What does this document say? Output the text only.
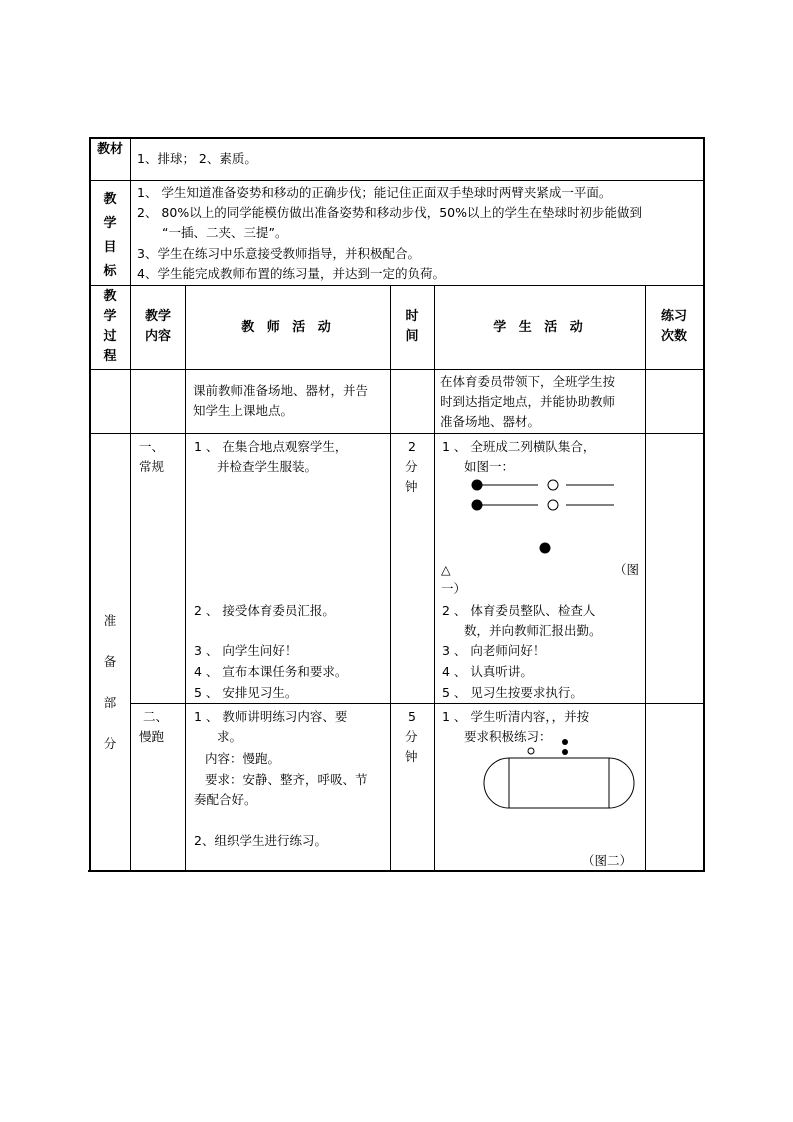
教材
1、排球； 2、素质。
教学目标
1、 学生知道准备姿势和移动的正确步伐；能记住正面双手垫球时两臂夹紧成一平面。
2、 80%以上的同学能模仿做出准备姿势和移动步伐，50%以上的学生在垫球时初步能做到
“一插、二夹、三提”。
3、学生在练习中乐意接受教师指导，并积极配合。
4、学生能完成教师布置的练习量，并达到一定的负荷。
教学过程
教学内容
教 师 活 动
时间
学 生 活 动
练习次数
课前教师准备场地、器材，并告
知学生上课地点。
在体育委员带领下，全班学生按
时到达指定地点，并能协助教师
准备场地、器材。
准备部分
一、
常规
1 、 在集合地点观察学生，
并检查学生服装。
2 、 接受体育委员汇报。
3 、 向学生问好！
4 、 宣布本课任务和要求。
5 、 安排见习生。
2
分
钟
1 、 全班成二列横队集合，
如图一：
△	（图
一）
2 、 体育委员整队、检查人
数，并向教师汇报出勤。
3 、 向老师问好！
4 、 认真听讲。
5 、 见习生按要求执行。
二、
慢跑
1 、 教师讲明练习内容、要
求。
内容：慢跑。
要求：安静、整齐，呼吸、节
奏配合好。
2、组织学生进行练习。
5
分
钟
1 、 学生听清内容，，并按
要求积极练习：
（图二）
